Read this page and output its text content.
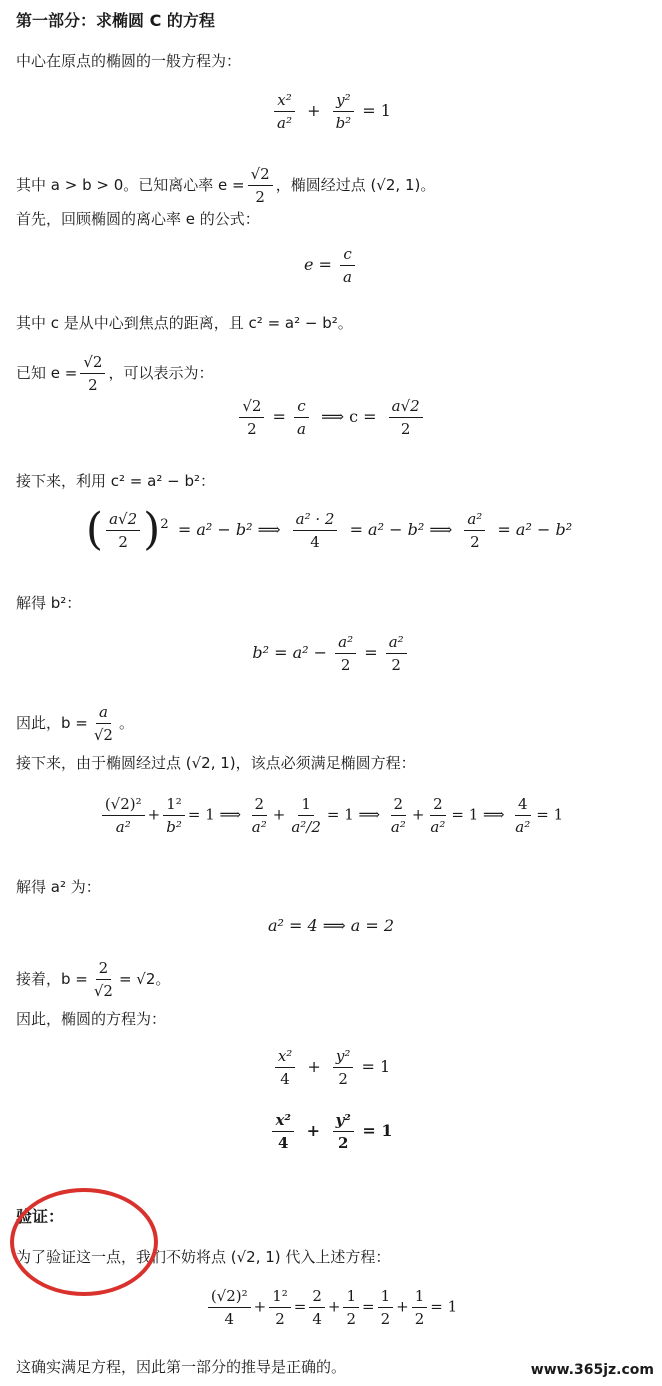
第一部分：求椭圆 C 的方程
中心在原点的椭圆的一般方程为：
$\frac{\text{x²}}{\text{a²}} + \frac{\text{y²}}{\text{b²}} = 1$
其中 a > b > 0。已知离心率 $e = \frac{√2}{2}$ ，椭圆经过点 (√2, 1)。
首先，回顾椭圆的离心率 e 的公式：
$e = \frac{c}{a}$
其中 c 是从中心到焦点的距离，且 c² = a² − b²。
已知 $e = \frac{√2}{2}$ ，可以表示为：
$\frac{√2}{2} = \frac{c}{a}$ ⟹ $c = \frac{a√2}{2}$
接下来，利用 c² = a² − b²：
( $\frac{a√2}{2} )^2 = a^2 - b^2$ ⟹ $\frac{\text{a² · 2}}{4} = a^2 - b^2$ ⟹ $\frac{\text{a²}}{2} = a^2 - b^2$
解得 b²：
$b^2 = a^2 - \frac{\text{a²}}{2} = \frac{\text{a²}}{2}$
因此，$b = \frac{a}{√2}$ 。
接下来，由于椭圆经过点 (√2, 1)，该点必须满足椭圆方程：
$\frac{\text{(√2)²}}{\text{a²}} + \frac{\text{1²}}{\text{b²}} = 1$ ⟹ $\frac{2}{\text{a²}} + \frac{1}{\text{a²/2}} = 1$ ⟹ $\frac{2}{\text{a²}} + \frac{2}{\text{a²}} = 1$ ⟹ $\frac{4}{\text{a²}} = 1$
解得 a² 为：
a² = 4 ⟹ a = 2
接着，$b = \frac{2}{√2} = √2$。
因此，椭圆的方程为：
$\frac{\text{x²}}{4} + \frac{\text{y²}}{2} = 1$
$\frac{\text{x²}}{4} + \frac{\text{y²}}{2} = 1$
验证：
为了验证这一点，我们不妨将点 (√2, 1) 代入上述方程：
$\frac{\text{(√2)²}}{4} + \frac{\text{1²}}{2} = \frac{2}{4} + \frac{1}{2} = \frac{1}{2} + \frac{1}{2} = 1$
这确实满足方程，因此第一部分的推导是正确的。	www.365jz.com
